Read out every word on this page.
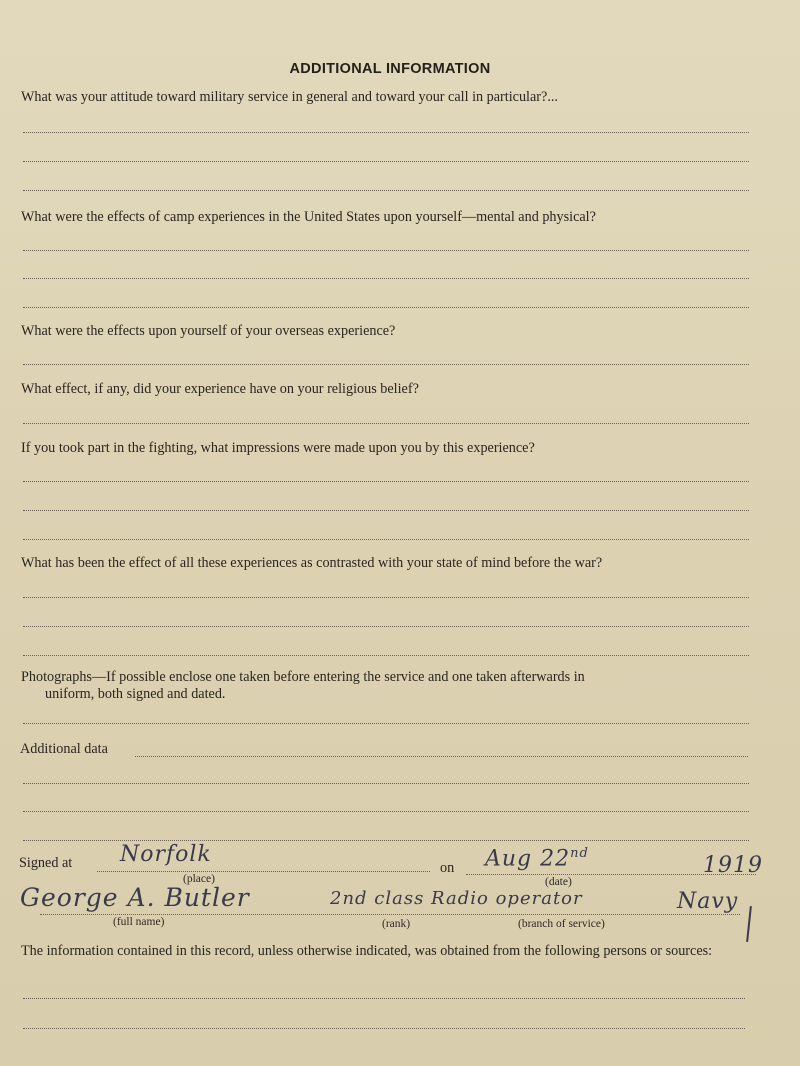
ADDITIONAL INFORMATION
What was your attitude toward military service in general and toward your call in particular?...
What were the effects of camp experiences in the United States upon yourself—mental and physical?
What were the effects upon yourself of your overseas experience?
What effect, if any, did your experience have on your religious belief?
If you took part in the fighting, what impressions were made upon you by this experience?
What has been the effect of all these experiences as contrasted with your state of mind before the war?
Photographs—If possible enclose one taken before entering the service and one taken afterwards in
uniform, both signed and dated.
Additional data
Signed at Norfolk
(place)
on Aug 22nd	1919
(date)
George A. Butler	2nd class Radio operator	Navy
(full name)	(rank)	(branch of service)
The information contained in this record, unless otherwise indicated, was obtained from the following persons or sources:
